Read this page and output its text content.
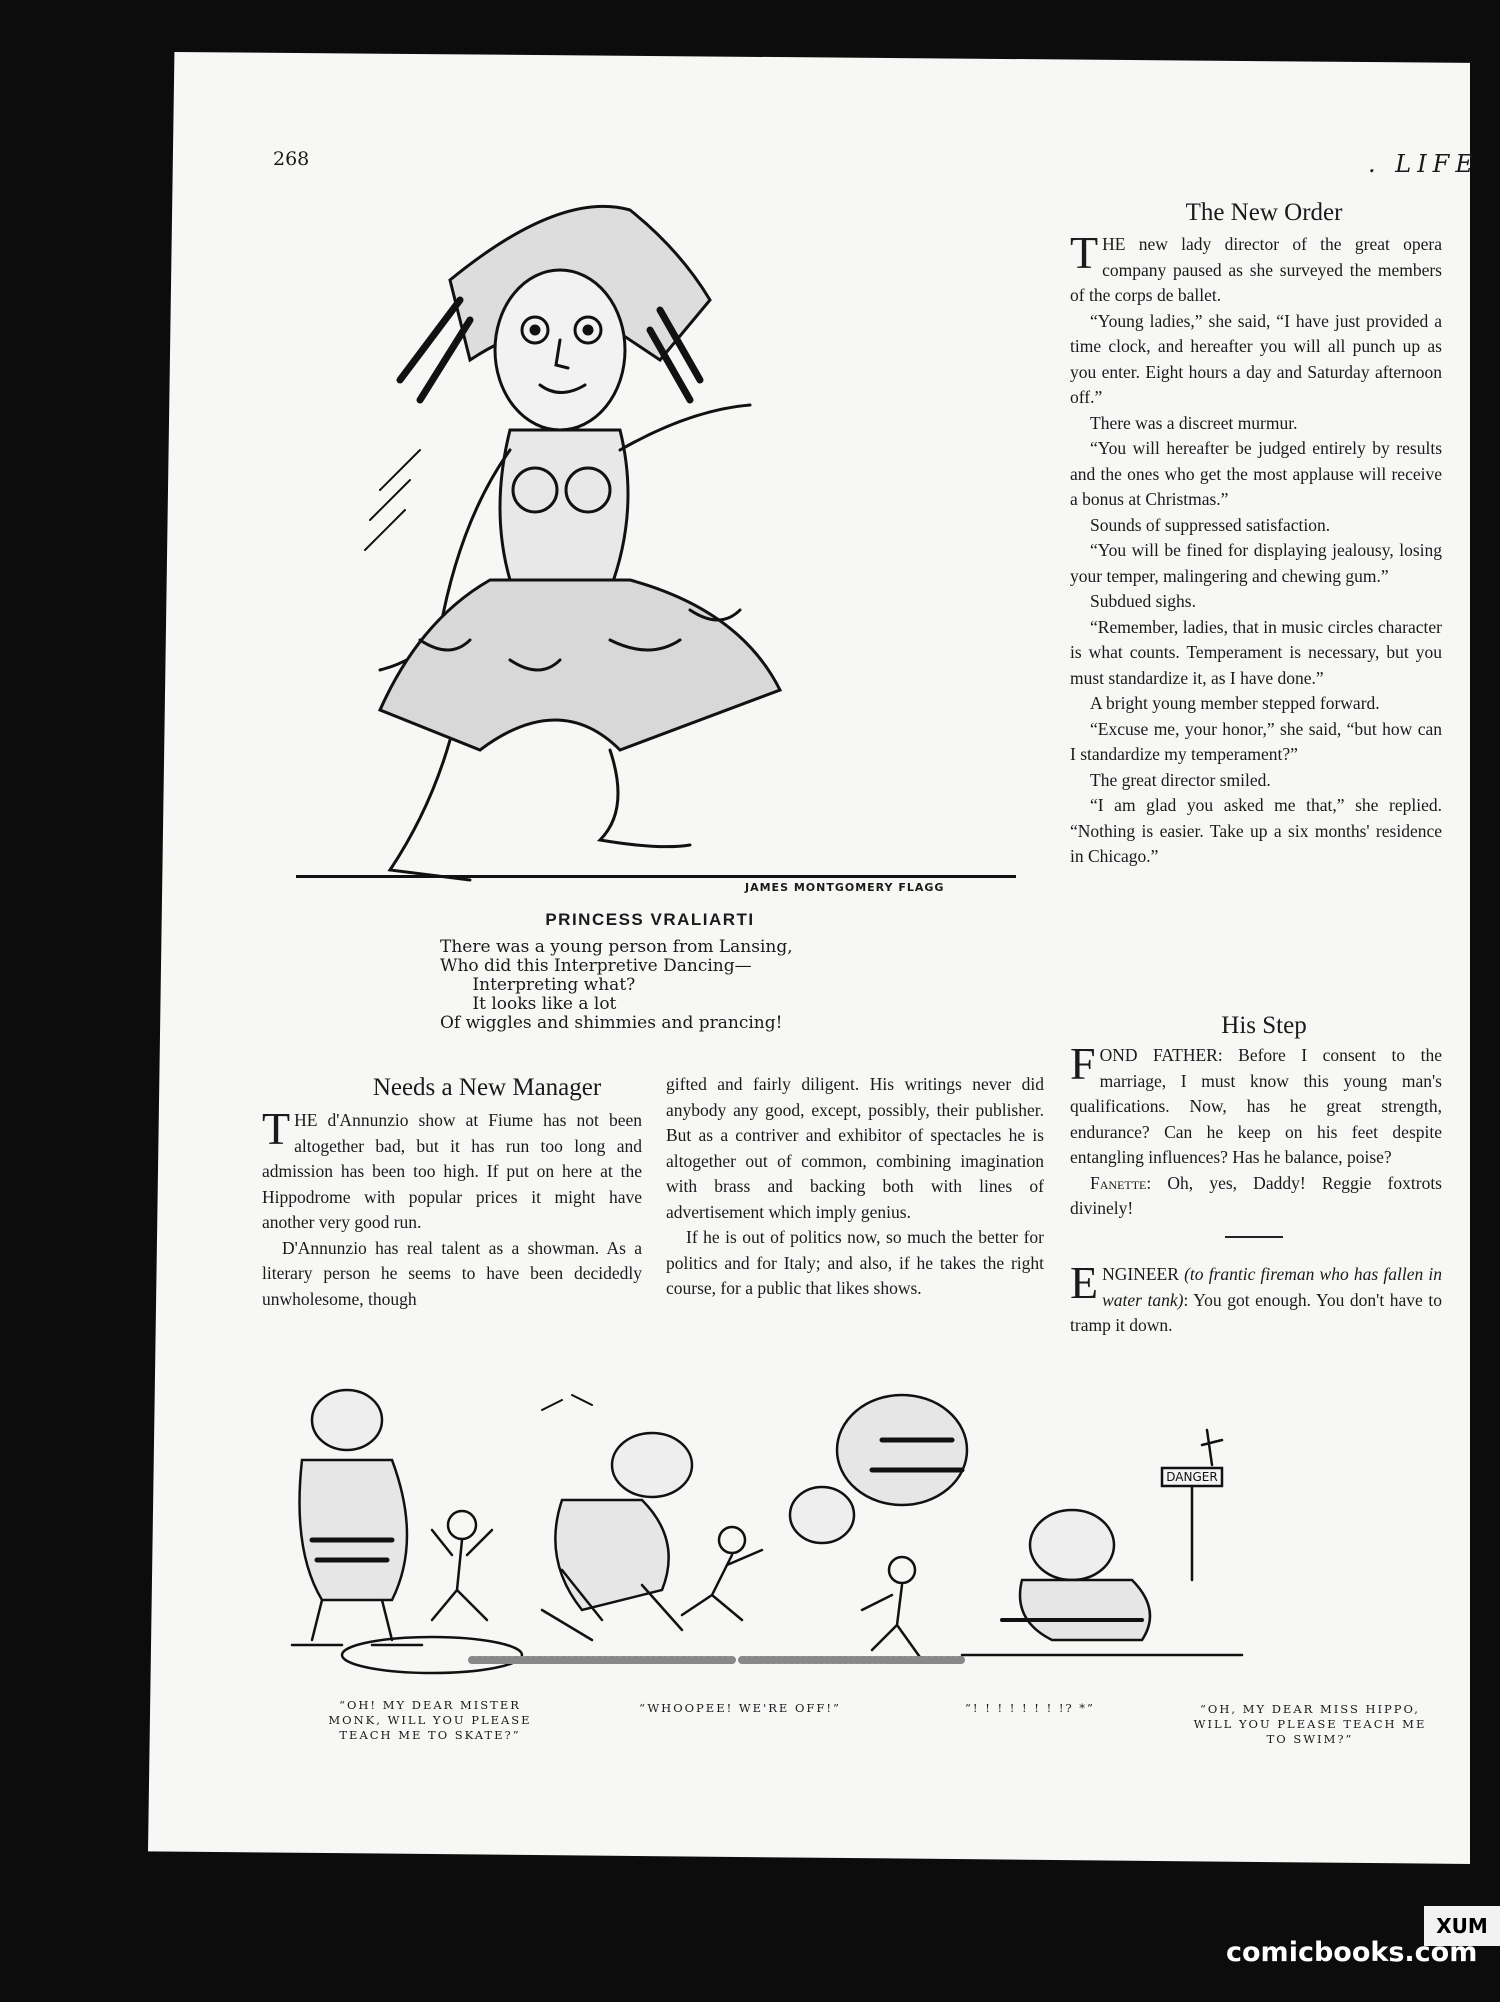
268	. LIFE
JAMES MONTGOMERY FLAGG
PRINCESS VRALIARTI
There was a young person from Lansing,
Who did this Interpretive Dancing—
Interpreting what?
It looks like a lot
Of wiggles and shimmies and prancing!
The New Order

THE new lady director of the great opera company paused as she surveyed the members of the corps de ballet.

“Young ladies,” she said, “I have just provided a time clock, and hereafter you will all punch up as you enter. Eight hours a day and Saturday afternoon off.”

There was a discreet murmur.

“You will hereafter be judged entirely by results and the ones who get the most applause will receive a bonus at Christmas.”

Sounds of suppressed satisfaction.

“You will be fined for displaying jealousy, losing your temper, malingering and chewing gum.”

Subdued sighs.

“Remember, ladies, that in music circles character is what counts. Temperament is necessary, but you must standardize it, as I have done.”

A bright young member stepped forward.

“Excuse me, your honor,” she said, “but how can I standardize my temperament?”

The great director smiled.

“I am glad you asked me that,” she replied. “Nothing is easier. Take up a six months' residence in Chicago.”

His Step

FOND FATHER: Before I consent to the marriage, I must know this young man's qualifications. Now, has he great strength, endurance? Can he keep on his feet despite entangling influences? Has he balance, poise?

Fanette: Oh, yes, Daddy! Reggie foxtrots divinely!

ENGINEER (to frantic fireman who has fallen in water tank): You got enough. You don't have to tramp it down.

Needs a New Manager

THE d'Annunzio show at Fiume has not been altogether bad, but it has run too long and admission has been too high. If put on here at the Hippodrome with popular prices it might have another very good run.

D'Annunzio has real talent as a showman. As a literary person he seems to have been decidedly unwholesome, though

gifted and fairly diligent. His writings never did anybody any good, except, possibly, their publisher. But as a contriver and exhibitor of spectacles he is altogether out of common, combining imagination with brass and backing both with lines of advertisement which imply genius.

If he is out of politics now, so much the better for politics and for Italy; and also, if he takes the right course, for a public that likes shows.

DANGER
“OH! MY DEAR MISTER MONK, WILL YOU PLEASE TEACH ME TO SKATE?”
“WHOOPEE! WE'RE OFF!”	“! ! ! ! ! ! ! !? *”	“OH, MY DEAR MISS HIPPO, WILL YOU PLEASE TEACH ME TO SWIM?”
XUM
comicbooks.com
